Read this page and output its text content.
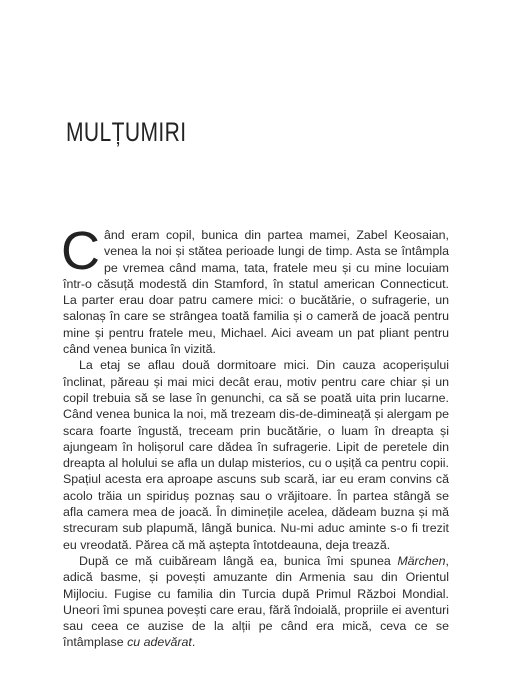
MULȚUMIRI

Când eram copil, bunica din partea mamei, Zabel Keosaian, venea la noi și stătea perioade lungi de timp. Asta se întâmpla pe vremea când mama, tata, fratele meu și cu mine locuiam într-o căsuță modestă din Stamford, în statul american Connecticut. La parter erau doar patru camere mici: o bucătărie, o sufragerie, un salonaș în care se strângea toată familia și o cameră de joacă pentru mine și pentru fratele meu, Michael. Aici aveam un pat pliant pentru când venea bunica în vizită.

La etaj se aflau două dormitoare mici. Din cauza acoperișului înclinat, păreau și mai mici decât erau, motiv pentru care chiar și un copil trebuia să se lase în genunchi, ca să se poată uita prin lucarne. Când venea bunica la noi, mă trezeam dis-de-dimineață și alergam pe scara foarte îngustă, treceam prin bucătărie, o luam în dreapta și ajungeam în holișorul care dădea în sufragerie. Lipit de peretele din dreapta al holului se afla un dulap misterios, cu o ușiță ca pentru copii. Spațiul acesta era aproape ascuns sub scară, iar eu eram convins că acolo trăia un spiriduș poznaș sau o vrăjitoare. În partea stângă se afla camera mea de joacă. În diminețile acelea, dădeam buzna și mă strecuram sub plapumă, lângă bunica. Nu-mi aduc aminte s-o fi trezit eu vreodată. Părea că mă aștepta întotdeauna, deja trează.

După ce mă cuibăream lângă ea, bunica îmi spunea Märchen, adică basme, și povești amuzante din Armenia sau din Orientul Mijlociu. Fugise cu familia din Turcia după Primul Război Mondial. Uneori îmi spunea povești care erau, fără îndoială, propriile ei aventuri sau ceea ce auzise de la alții pe când era mică, ceva ce se întâmplase cu adevărat.
